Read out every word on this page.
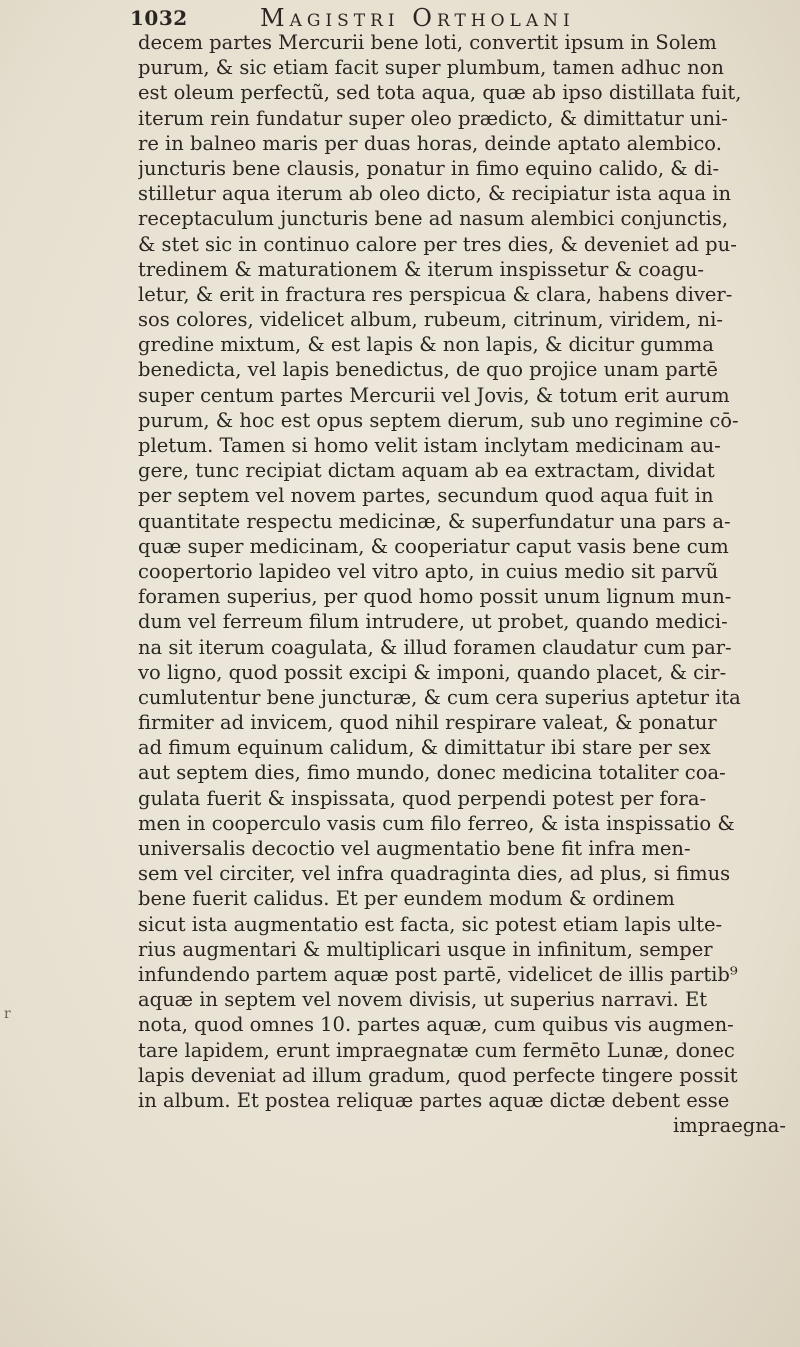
1032	Magistri Ortholani
r
decem partes Mercurii bene loti, convertit ipsum in Solem
purum, & sic etiam facit super plumbum, tamen adhuc non
est oleum perfectũ, sed tota aqua, quæ ab ipso distillata fuit,
iterum rein fundatur super oleo prædicto, & dimittatur uni-
re in balneo maris per duas horas, deinde aptato alembico.
juncturis bene clausis, ponatur in fimo equino calido, & di-
stilletur aqua iterum ab oleo dicto, & recipiatur ista aqua in
receptaculum juncturis bene ad nasum alembici conjunctis,
& stet sic in continuo calore per tres dies, & deveniet ad pu-
tredinem & maturationem & iterum inspissetur & coagu-
letur, & erit in fractura res perspicua & clara, habens diver-
sos colores, videlicet album, rubeum, citrinum, viridem, ni-
gredine mixtum, & est lapis & non lapis, & dicitur gumma
benedicta, vel lapis benedictus, de quo projice unam partē
super centum partes Mercurii vel Jovis, & totum erit aurum
purum, & hoc est opus septem dierum, sub uno regimine cō-
pletum. Tamen si homo velit istam inclytam medicinam au-
gere, tunc recipiat dictam aquam ab ea extractam, dividat
per septem vel novem partes, secundum quod aqua fuit in
quantitate respectu medicinæ, & superfundatur una pars a-
quæ super medicinam, & cooperiatur caput vasis bene cum
coopertorio lapideo vel vitro apto, in cuius medio sit parvũ
foramen superius, per quod homo possit unum lignum mun-
dum vel ferreum filum intrudere, ut probet, quando medici-
na sit iterum coagulata, & illud foramen claudatur cum par-
vo ligno, quod possit excipi & imponi, quando placet, & cir-
cumlutentur bene juncturæ, & cum cera superius aptetur ita
firmiter ad invicem, quod nihil respirare valeat, & ponatur
ad fimum equinum calidum, & dimittatur ibi stare per sex
aut septem dies, fimo mundo, donec medicina totaliter coa-
gulata fuerit & inspissata, quod perpendi potest per fora-
men in cooperculo vasis cum filo ferreo, & ista inspissatio &
universalis decoctio vel augmentatio bene fit infra men-
sem vel circiter, vel infra quadraginta dies, ad plus, si fimus
bene fuerit calidus. Et per eundem modum & ordinem
sicut ista augmentatio est facta, sic potest etiam lapis ulte-
rius augmentari & multiplicari usque in infinitum, semper
infundendo partem aquæ post partē, videlicet de illis partib⁹
aquæ in septem vel novem divisis, ut superius narravi. Et
nota, quod omnes 10. partes aquæ, cum quibus vis augmen-
tare lapidem, erunt impraegnatæ cum fermēto Lunæ, donec
lapis deveniat ad illum gradum, quod perfecte tingere possit
in album. Et postea reliquæ partes aquæ dictæ debent esse
impraegna-
